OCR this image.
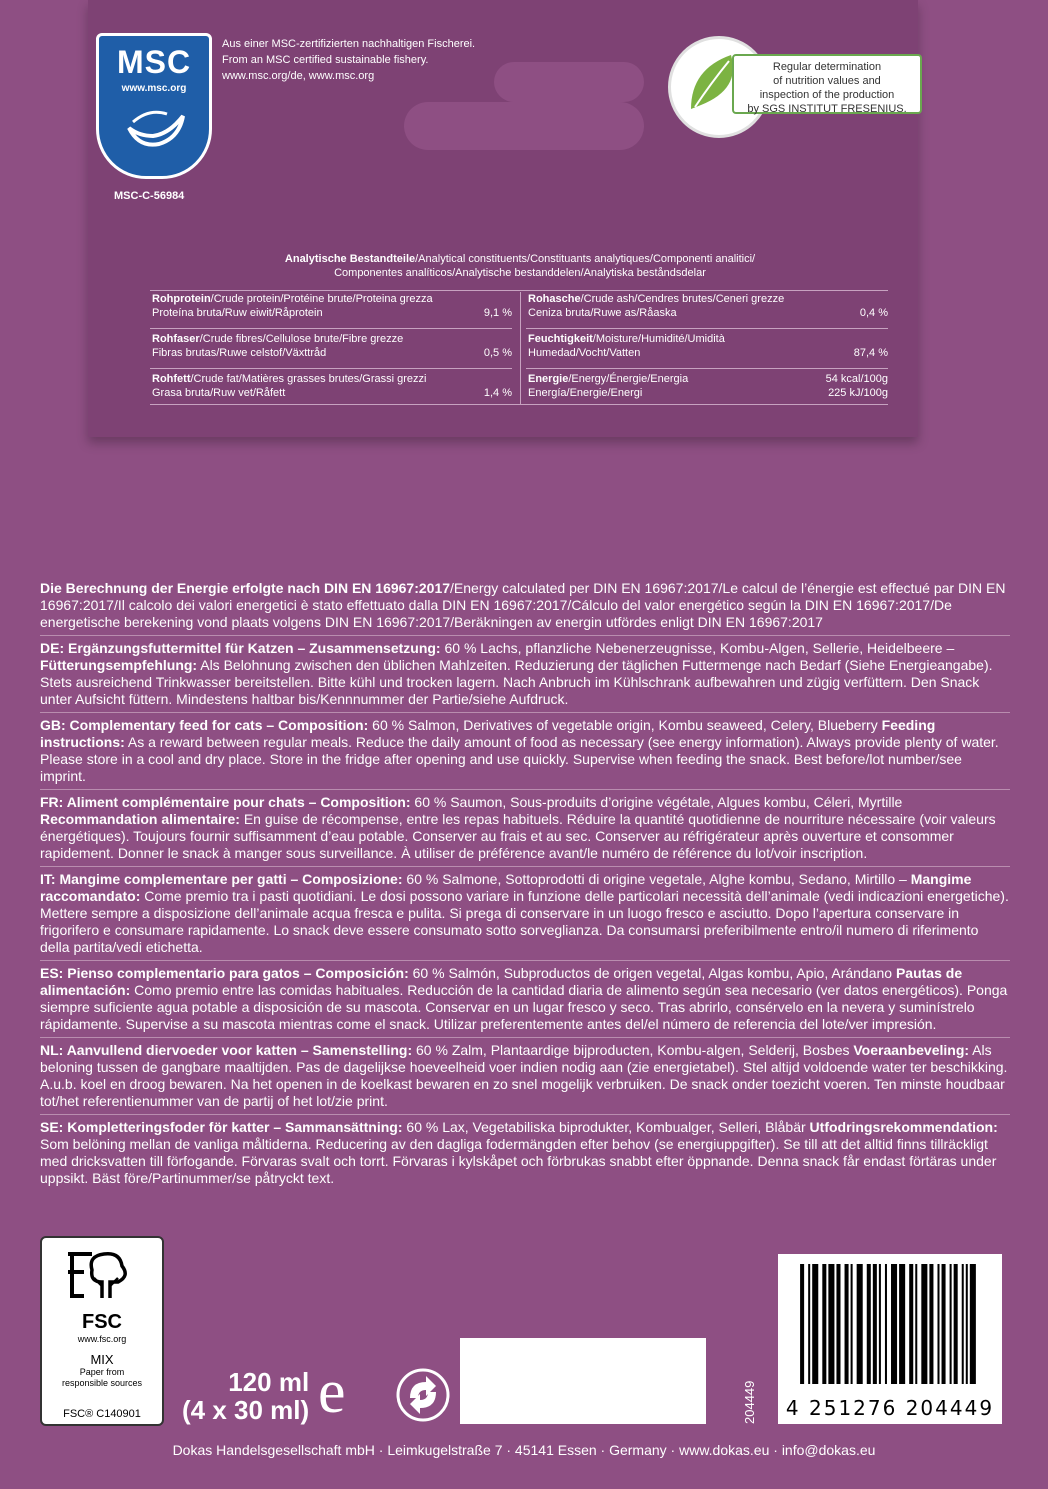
MSC
www.msc.org
MSC-C-56984
Aus einer MSC-zertifizierten nachhaltigen Fischerei.
From an MSC certified sustainable fishery.
www.msc.org/de, www.msc.org
Regular determination
of nutrition values and
inspection of the production
by SGS INSTITUT FRESENIUS.
Analytische Bestandteile/Analytical constituents/Constituants analytiques/Componenti analitici/
Componentes analíticos/Analytische bestanddelen/Analytiska beståndsdelar
Rohprotein/Crude protein/Protéine brute/Proteina grezza
Proteína bruta/Ruw eiwit/Råprotein	9,1 %
Rohfaser/Crude fibres/Cellulose brute/Fibre grezze
Fibras brutas/Ruwe celstof/Växttråd	0,5 %
Rohfett/Crude fat/Matières grasses brutes/Grassi grezzi
Grasa bruta/Ruw vet/Råfett	1,4 %
Rohasche/Crude ash/Cendres brutes/Ceneri grezze
Ceniza bruta/Ruwe as/Råaska	0,4 %
Feuchtigkeit/Moisture/Humidité/Umidità
Humedad/Vocht/Vatten	87,4 %
Energie/Energy/Énergie/Energia
Energía/Energie/Energi
54 kcal/100g
225 kJ/100g
Die Berechnung der Energie erfolgte nach DIN EN 16967:2017/Energy calculated per DIN EN 16967:2017/Le calcul de l’énergie est effectué par DIN EN 16967:2017/Il calcolo dei valori energetici è stato effettuato dalla DIN EN 16967:2017/Cálculo del valor energético según la DIN EN 16967:2017/De energetische berekening vond plaats volgens DIN EN 16967:2017/Beräkningen av energin utfördes enligt DIN EN 16967:2017
DE: Ergänzungsfuttermittel für Katzen – Zusammensetzung: 60 % Lachs, pflanzliche Nebenerzeugnisse, Kombu-Algen, Sellerie, Heidelbeere – Fütterungsempfehlung: Als Belohnung zwischen den üblichen Mahlzeiten. Reduzierung der täglichen Futtermenge nach Bedarf (Siehe Energieangabe). Stets ausreichend Trinkwasser bereitstellen. Bitte kühl und trocken lagern. Nach Anbruch im Kühlschrank aufbewahren und zügig verfüttern. Den Snack unter Aufsicht füttern. Mindestens haltbar bis/Kennnummer der Partie/siehe Aufdruck.
GB: Complementary feed for cats – Composition: 60 % Salmon, Derivatives of vegetable origin, Kombu seaweed, Celery, Blueberry Feeding instructions: As a reward between regular meals. Reduce the daily amount of food as necessary (see energy information). Always provide plenty of water. Please store in a cool and dry place. Store in the fridge after opening and use quickly. Supervise when feeding the snack. Best before/lot number/see imprint.
FR: Aliment complémentaire pour chats – Composition: 60 % Saumon, Sous-produits d’origine végétale, Algues kombu, Céleri, Myrtille Recommandation alimentaire: En guise de récompense, entre les repas habituels. Réduire la quantité quotidienne de nourriture nécessaire (voir valeurs énergétiques). Toujours fournir suffisamment d’eau potable. Conserver au frais et au sec. Conserver au réfrigérateur après ouverture et consommer rapidement. Donner le snack à manger sous surveillance. À utiliser de préférence avant/le numéro de référence du lot/voir inscription.
IT: Mangime complementare per gatti – Composizione: 60 % Salmone, Sottoprodotti di origine vegetale, Alghe kombu, Sedano, Mirtillo – Mangime raccomandato: Come premio tra i pasti quotidiani. Le dosi possono variare in funzione delle particolari necessità dell’animale (vedi indicazioni energetiche). Mettere sempre a disposizione dell’animale acqua fresca e pulita. Si prega di conservare in un luogo fresco e asciutto. Dopo l’apertura conservare in frigorifero e consumare rapidamente. Lo snack deve essere consumato sotto sorveglianza. Da consumarsi preferibilmente entro/il numero di riferimento della partita/vedi etichetta.
ES: Pienso complementario para gatos – Composición: 60 % Salmón, Subproductos de origen vegetal, Algas kombu, Apio, Arándano Pautas de alimentación: Como premio entre las comidas habituales. Reducción de la cantidad diaria de alimento según sea necesario (ver datos energéticos). Ponga siempre suficiente agua potable a disposición de su mascota. Conservar en un lugar fresco y seco. Tras abrirlo, consérvelo en la nevera y suminístrelo rápidamente. Supervise a su mascota mientras come el snack. Utilizar preferentemente antes del/el número de referencia del lote/ver impresión.
NL: Aanvullend diervoeder voor katten – Samenstelling: 60 % Zalm, Plantaardige bijproducten, Kombu-algen, Selderij, Bosbes Voeraanbeveling: Als beloning tussen de gangbare maaltijden. Pas de dagelijkse hoeveelheid voer indien nodig aan (zie energietabel). Stel altijd voldoende water ter beschikking. A.u.b. koel en droog bewaren. Na het openen in de koelkast bewaren en zo snel mogelijk verbruiken. De snack onder toezicht voeren. Ten minste houdbaar tot/het referentienummer van de partij of het lot/zie print.
SE: Kompletteringsfoder för katter – Sammansättning: 60 % Lax, Vegetabiliska biprodukter, Kombualger, Selleri, Blåbär Utfodringsrekommendation: Som belöning mellan de vanliga måltiderna. Reducering av den dagliga fodermängden efter behov (se energiuppgifter). Se till att det alltid finns tillräckligt med dricksvatten till förfogande. Förvaras svalt och torrt. Förvaras i kylskåpet och förbrukas snabbt efter öppnande. Denna snack får endast förtäras under uppsikt. Bäst före/Partinummer/se påtryckt text.
FSC
www.fsc.org
MIX
Paper from
responsible sources
FSC® C140901
120 ml
(4 x 30 ml) e	204449	4 251276 204449
Dokas Handelsgesellschaft mbH · Leimkugelstraße 7 · 45141 Essen · Germany · www.dokas.eu · info@dokas.eu
